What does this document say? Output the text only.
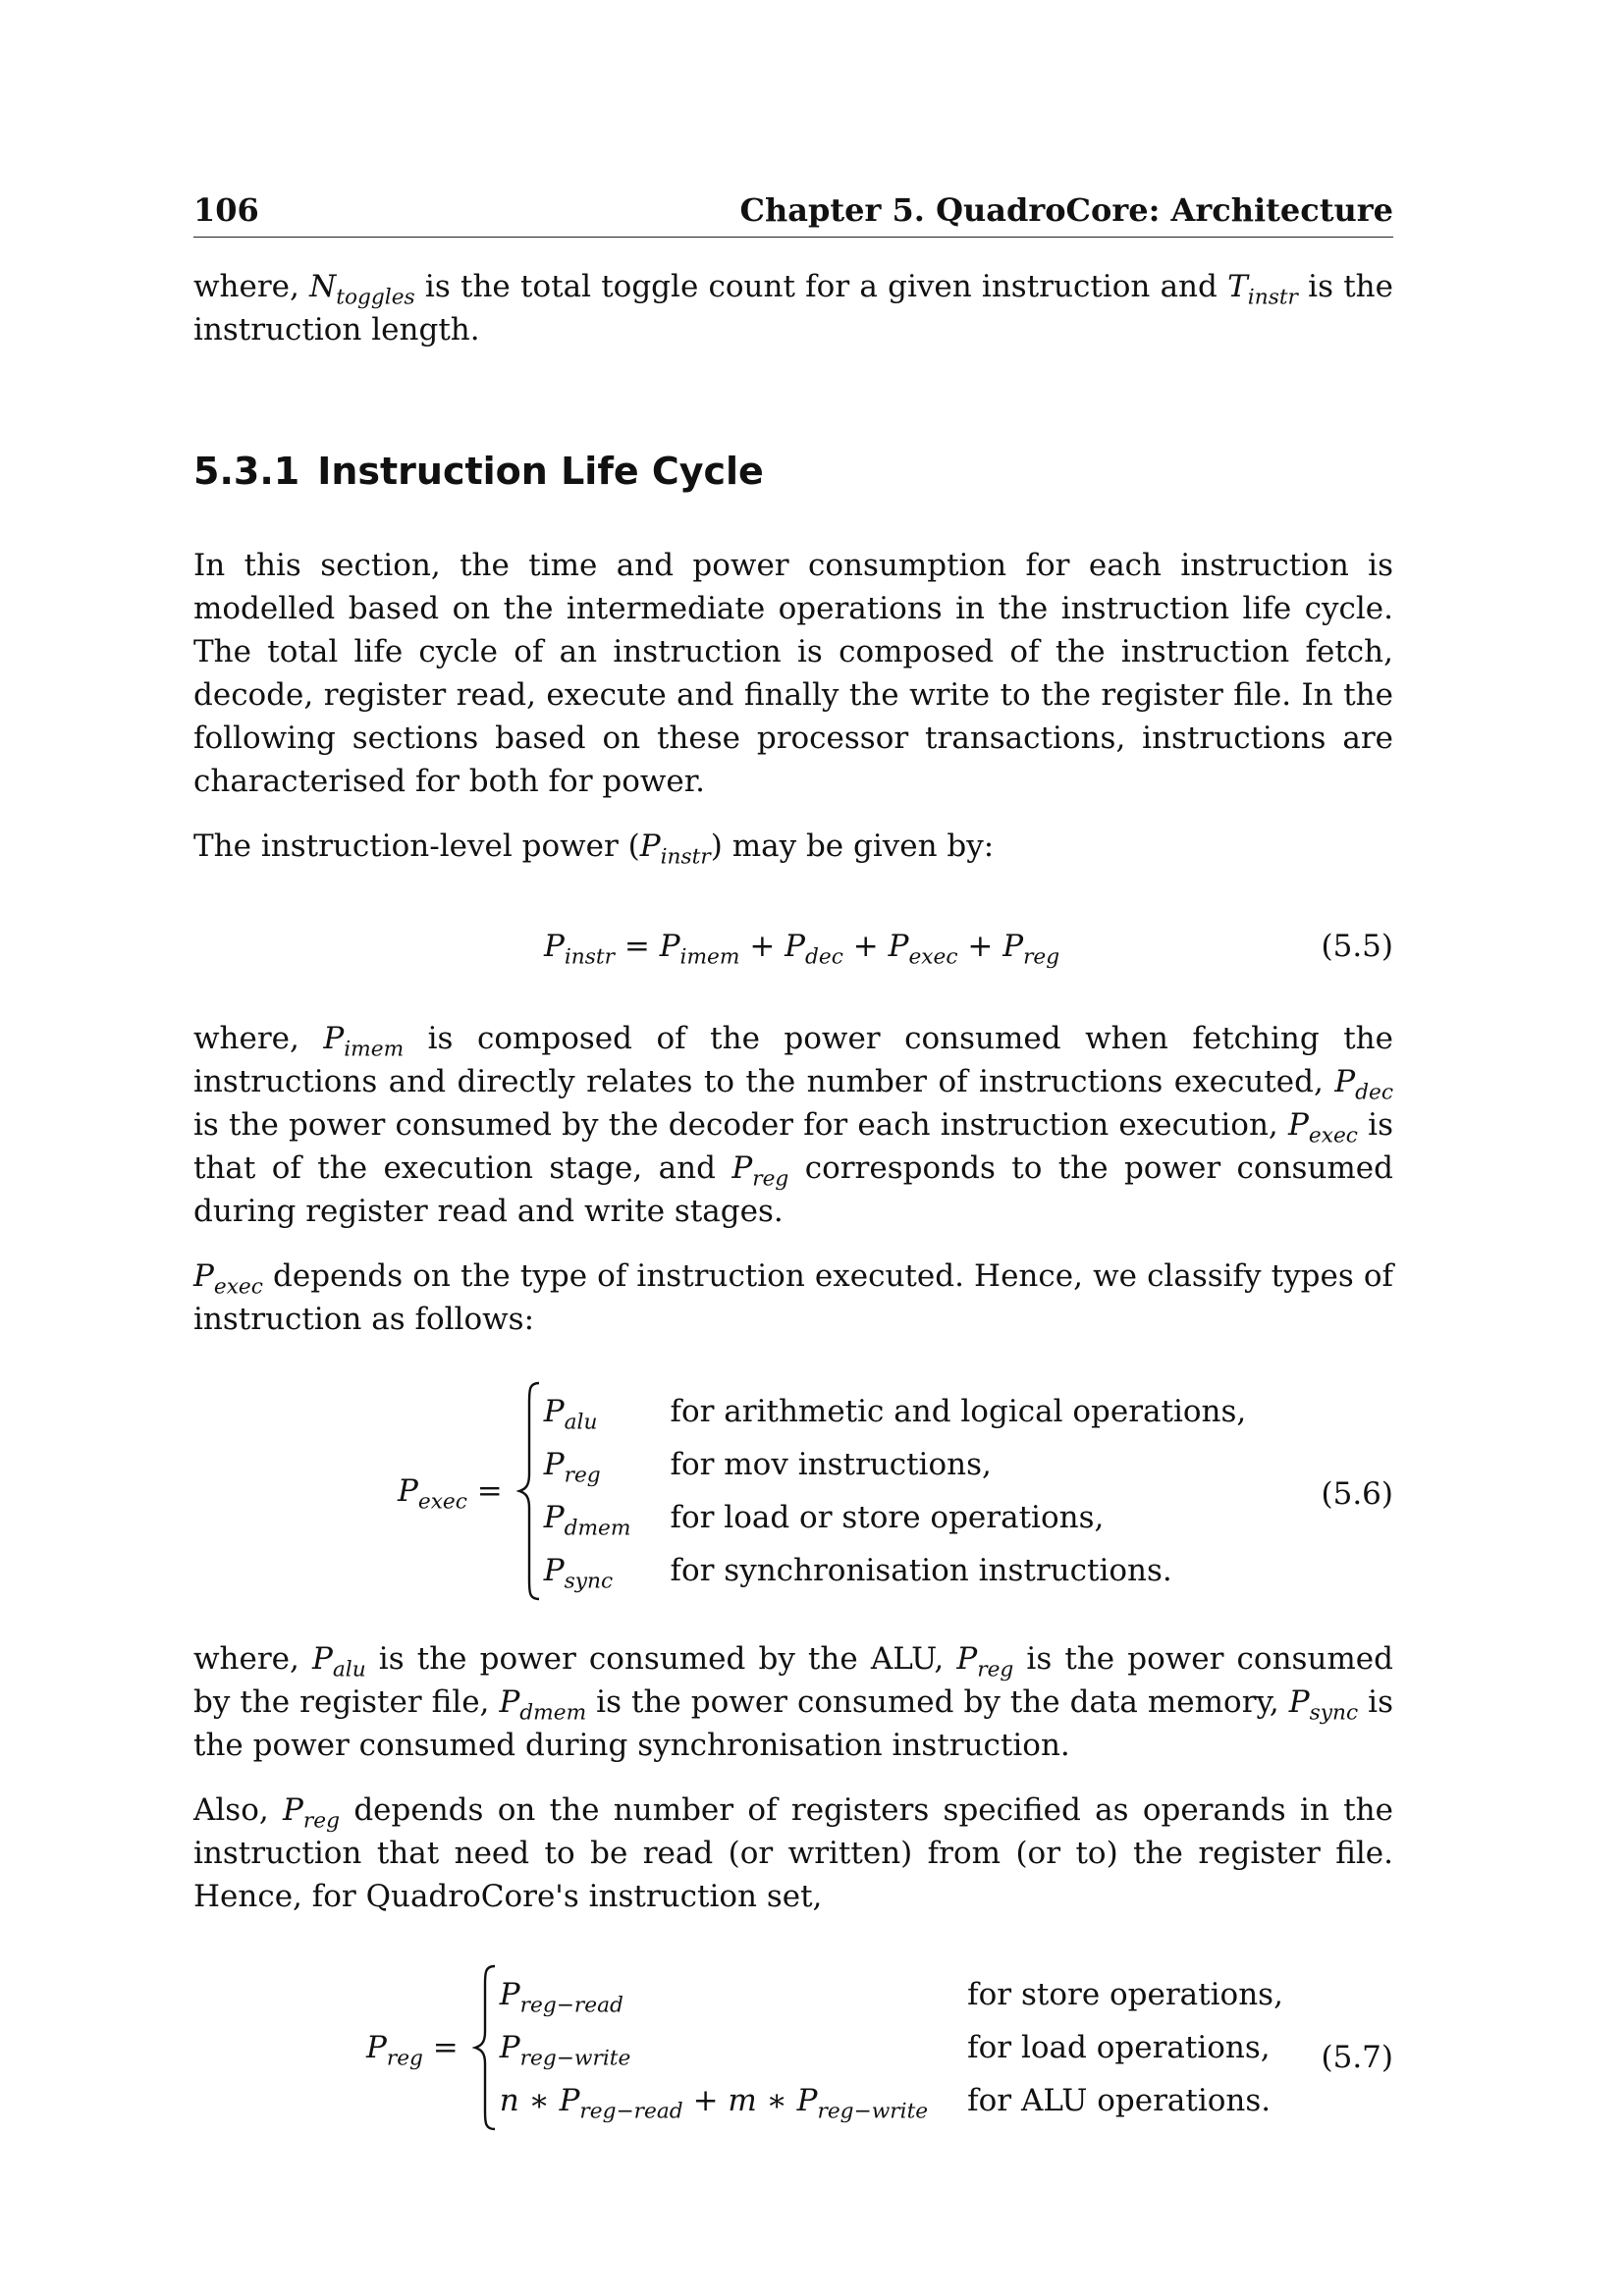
106	Chapter 5. QuadroCore: Architecture

where, $N_{toggles}$ is the total toggle count for a given instruction and $T_{instr}$ is the instruction length.

5.3.1 Instruction Life Cycle

In this section, the time and power consumption for each instruction is modelled based on the intermediate operations in the instruction life cycle. The total life cycle of an instruction is composed of the instruction fetch, decode, register read, execute and finally the write to the register file. In the following sections based on these processor transactions, instructions are characterised for both for power.

The instruction-level power $(P_{instr})$ may be given by:

$P_{instr} = P_{imem} + P_{dec} + P_{exec} + P_{reg}$	(5.5)

where, $P_{imem}$ is composed of the power consumed when fetching the instructions and directly relates to the number of instructions executed, $P_{dec}$ is the power consumed by the decoder for each instruction execution, $P_{exec}$ is that of the execution stage, and $P_{reg}$ corresponds to the power consumed during register read and write stages.

$P_{exec}$ depends on the type of instruction executed. Hence, we classify types of instruction as follows:

$P_{exec}$ =
$P_{alu}$	for arithmetic and logical operations,
$P_{reg}$	for mov instructions,
$P_{dmem}$	for load or store operations,
$P_{sync}$	for synchronisation instructions.
(5.6)

where, $P_{alu}$ is the power consumed by the ALU, $P_{reg}$ is the power consumed by the register file, $P_{dmem}$ is the power consumed by the data memory, $P_{sync}$ is the power consumed during synchronisation instruction.

Also, $P_{reg}$ depends on the number of registers specified as operands in the instruction that need to be read (or written) from (or to) the register file. Hence, for QuadroCore's instruction set,

$P_{reg}$ =
$P_{reg-read}$	for store operations,
$P_{reg-write}$	for load operations,
n ∗ $P_{reg-read} + m$ ∗ $P_{reg-write}$	for ALU operations.
(5.7)
